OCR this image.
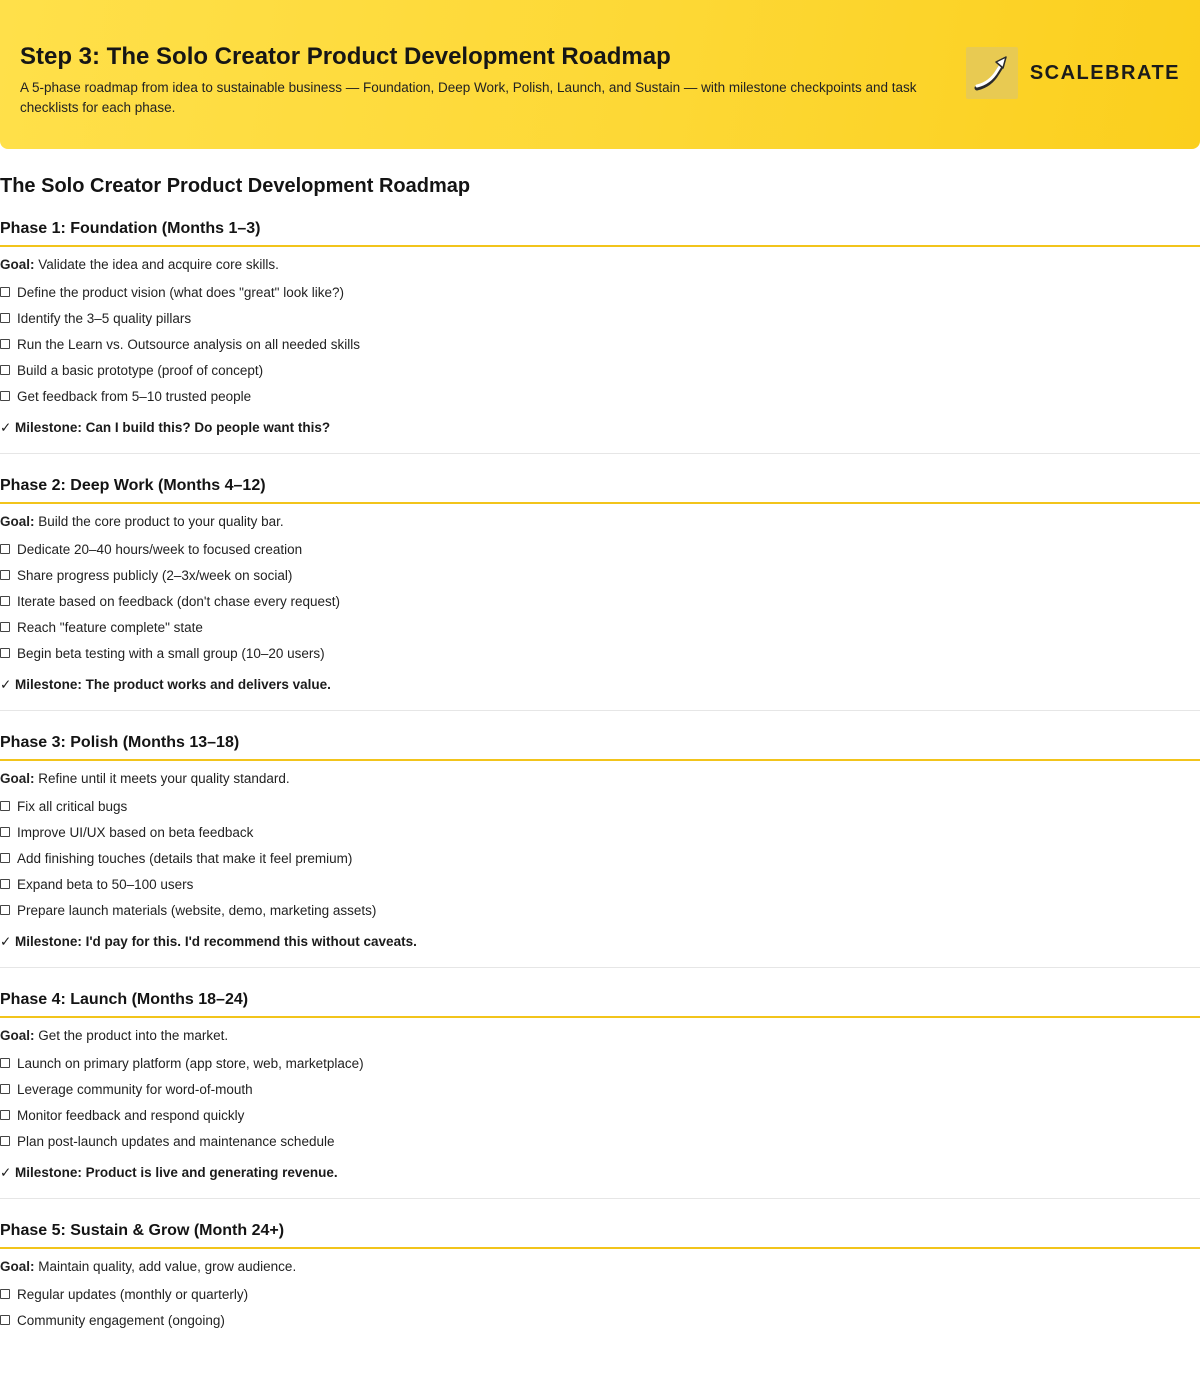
Step 3: The Solo Creator Product Development Roadmap

A 5-phase roadmap from idea to sustainable business — Foundation, Deep Work, Polish, Launch, and Sustain — with milestone checkpoints and task checklists for each phase.

SCALEBRATE
The Solo Creator Product Development Roadmap
Phase 1: Foundation (Months 1–3)

Goal: Validate the idea and acquire core skills.

Define the product vision (what does "great" look like?)
Identify the 3–5 quality pillars
Run the Learn vs. Outsource analysis on all needed skills
Build a basic prototype (proof of concept)
Get feedback from 5–10 trusted people

✓ Milestone: Can I build this? Do people want this?

Phase 2: Deep Work (Months 4–12)

Goal: Build the core product to your quality bar.

Dedicate 20–40 hours/week to focused creation
Share progress publicly (2–3x/week on social)
Iterate based on feedback (don't chase every request)
Reach "feature complete" state
Begin beta testing with a small group (10–20 users)

✓ Milestone: The product works and delivers value.

Phase 3: Polish (Months 13–18)

Goal: Refine until it meets your quality standard.

Fix all critical bugs
Improve UI/UX based on beta feedback
Add finishing touches (details that make it feel premium)
Expand beta to 50–100 users
Prepare launch materials (website, demo, marketing assets)

✓ Milestone: I'd pay for this. I'd recommend this without caveats.

Phase 4: Launch (Months 18–24)

Goal: Get the product into the market.

Launch on primary platform (app store, web, marketplace)
Leverage community for word-of-mouth
Monitor feedback and respond quickly
Plan post-launch updates and maintenance schedule

✓ Milestone: Product is live and generating revenue.

Phase 5: Sustain & Grow (Month 24+)

Goal: Maintain quality, add value, grow audience.

Regular updates (monthly or quarterly)
Community engagement (ongoing)
